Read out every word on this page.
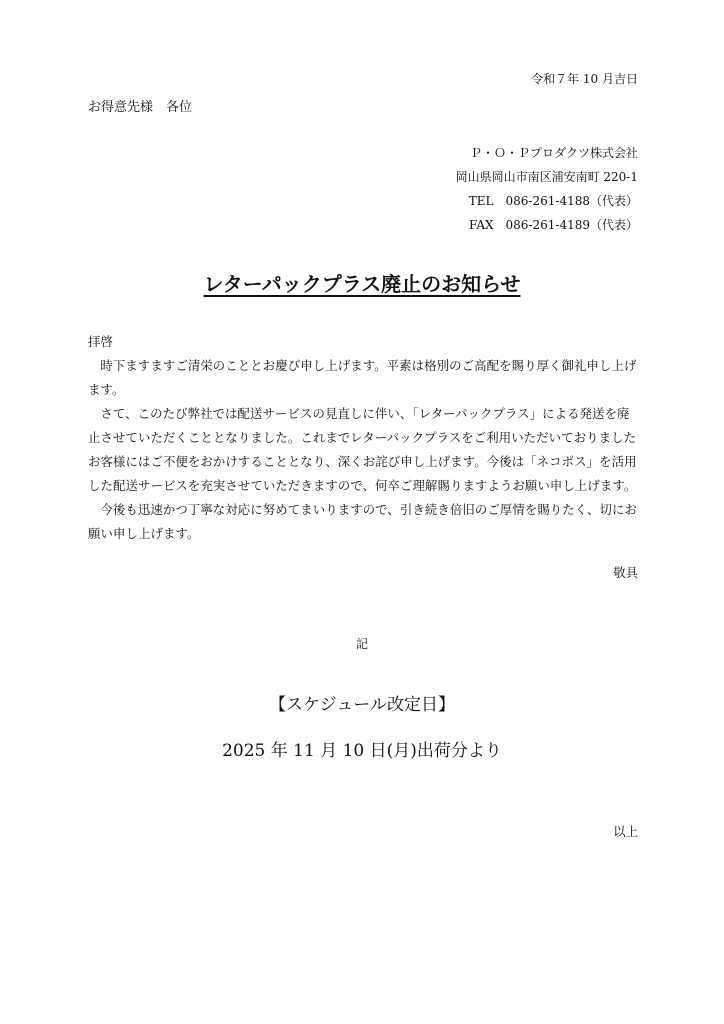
令和７年 10 月吉日
お得意先様　各位
Ｐ・Ｏ・Ｐプロダクツ株式会社
岡山県岡山市南区浦安南町 220-1
TEL　086-261-4188（代表）
FAX　086-261-4189（代表）
レターパックプラス廃止のお知らせ

拝啓

時下ますますご清栄のこととお慶び申し上げます。平素は格別のご高配を賜り厚く御礼申し上げます。

さて、このたび弊社では配送サービスの見直しに伴い、「レターパックプラス」による発送を廃止させていただくこととなりました。これまでレターパックプラスをご利用いただいておりましたお客様にはご不便をおかけすることとなり、深くお詫び申し上げます。今後は「ネコポス」を活用した配送サービスを充実させていただきますので、何卒ご理解賜りますようお願い申し上げます。

今後も迅速かつ丁寧な対応に努めてまいりますので、引き続き倍旧のご厚情を賜りたく、切にお願い申し上げます。

敬具
記
【スケジュール改定日】
2025 年 11 月 10 日(月)出荷分より
以上
